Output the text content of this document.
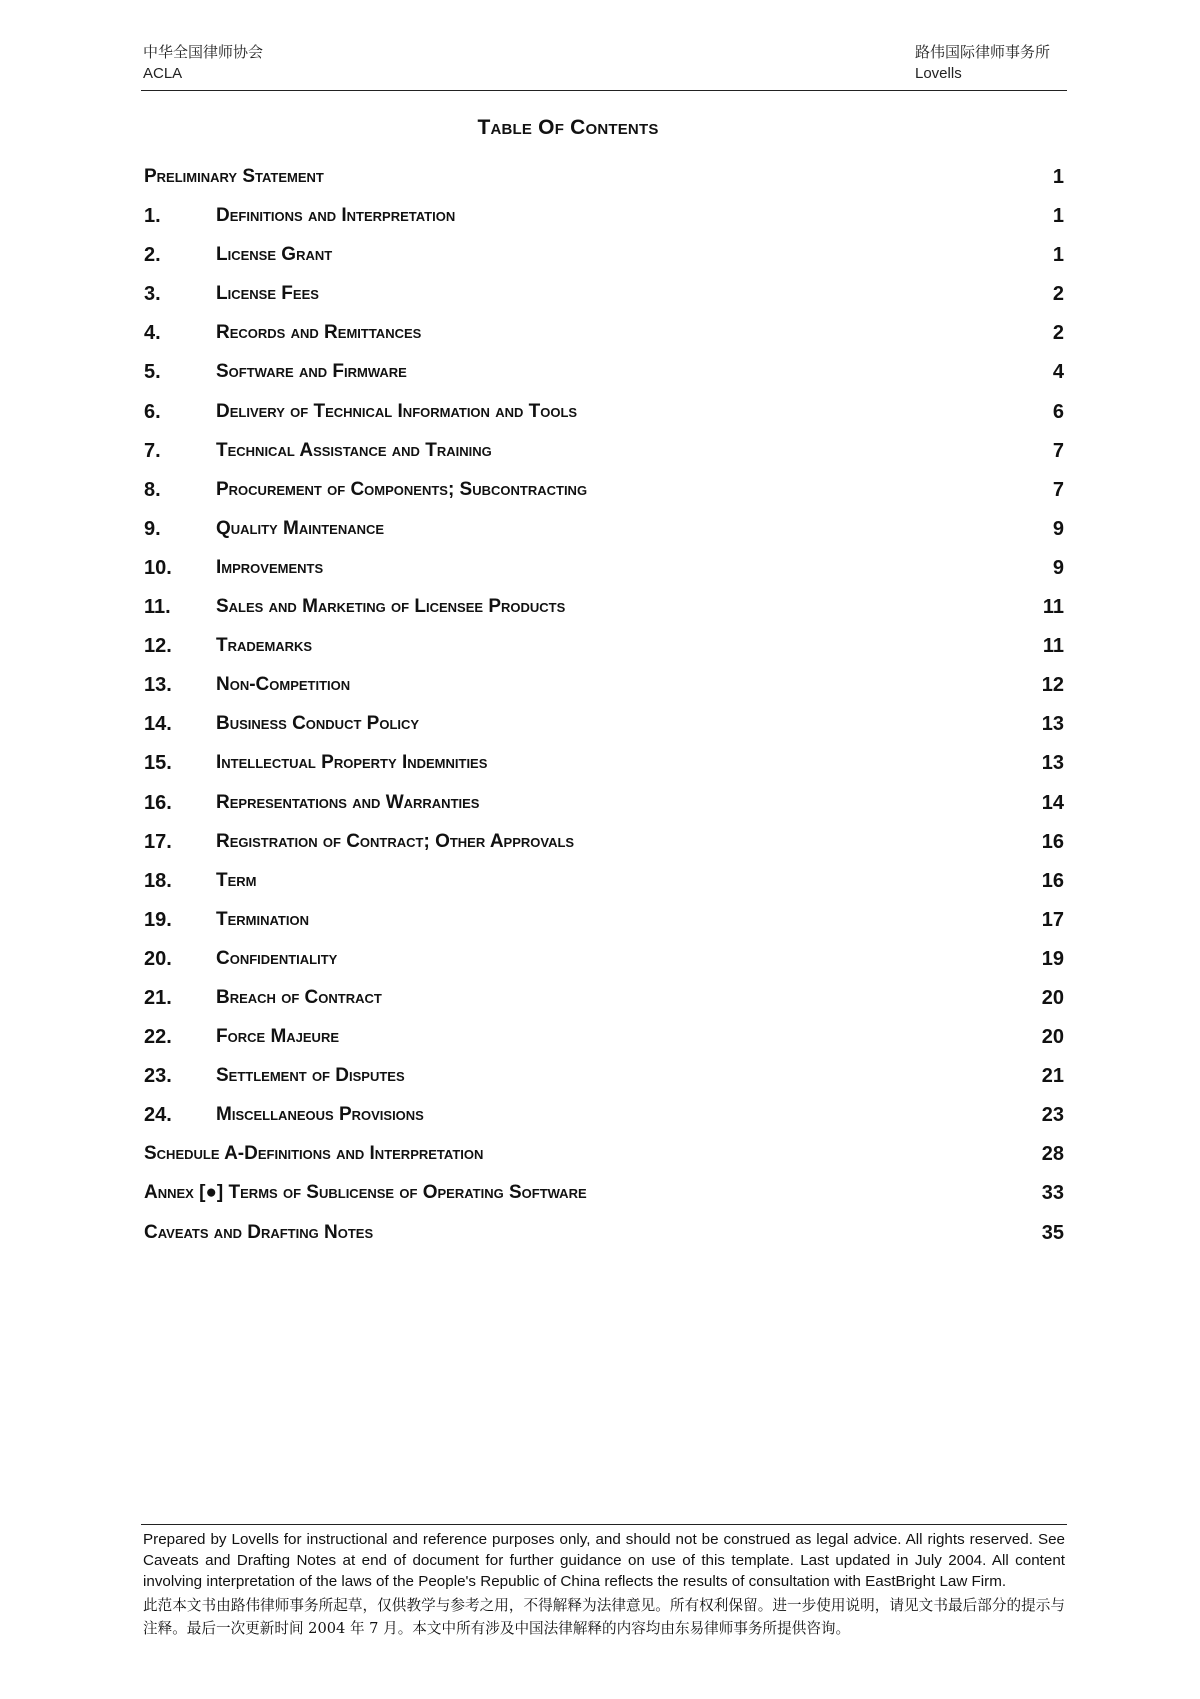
中华全国律师协会
ACLA
路伟国际律师事务所
Lovells
Table Of Contents
Preliminary Statement	1
1.	Definitions and Interpretation	1
2.	License Grant	1
3.	License Fees	2
4.	Records and Remittances	2
5.	Software and Firmware	4
6.	Delivery of Technical Information and Tools	6
7.	Technical Assistance and Training	7
8.	Procurement of Components; Subcontracting	7
9.	Quality Maintenance	9
10. Improvements	9
11. Sales and Marketing of Licensee Products	11
12. Trademarks	11
13. Non-Competition	12
14. Business Conduct Policy	13
15. Intellectual Property Indemnities	13
16. Representations and Warranties	14
17. Registration of Contract; Other Approvals	16
18. Term	16
19. Termination	17
20. Confidentiality	19
21. Breach of Contract	20
22. Force Majeure	20
23. Settlement of Disputes	21
24. Miscellaneous Provisions	23
Schedule A-Definitions and Interpretation	28
Annex [●] Terms of Sublicense of Operating Software	33
Caveats and Drafting Notes	35
Prepared by Lovells for instructional and reference purposes only, and should not be construed as legal advice. All rights reserved. See Caveats and Drafting Notes at end of document for further guidance on use of this template. Last updated in July 2004. All content involving interpretation of the laws of the People's Republic of China reflects the results of consultation with EastBright Law Firm.
此范本文书由路伟律师事务所起草，仅供教学与参考之用，不得解释为法律意见。所有权利保留。进一步使用说明，请见文书最后部分的提示与注释。最后一次更新时间 2004 年 7 月。本文中所有涉及中国法律解释的内容均由东易律师事务所提供咨询。
